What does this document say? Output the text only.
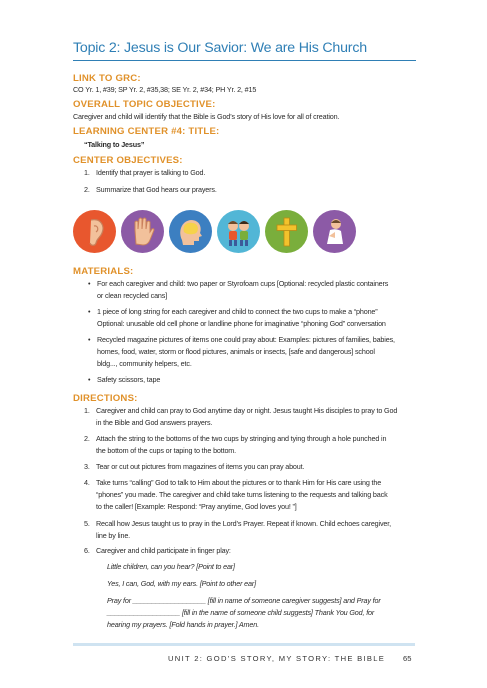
Topic 2: Jesus is Our Savior: We are His Church
LINK TO GRC:
CO Yr. 1, #39; SP Yr. 2, #35,38; SE Yr. 2, #34; PH Yr. 2, #15
OVERALL TOPIC OBJECTIVE:
Caregiver and child will identify that the Bible is God’s story of His love for all of creation.
LEARNING CENTER #4: TITLE:
“Talking to Jesus”
CENTER OBJECTIVES:
1. Identify that prayer is talking to God.
2. Summarize that God hears our prayers.
MATERIALS:
• For each caregiver and child: two paper or Styrofoam cups [Optional: recycled plastic containers
or clean recycled cans]
• 1 piece of long string for each caregiver and child to connect the two cups to make a “phone”
Optional: unusable old cell phone or landline phone for imaginative “phoning God” conversation
• Recycled magazine pictures of items one could pray about: Examples: pictures of families, babies,
homes, food, water, storm or flood pictures, animals or insects, [safe and dangerous] school
bldg..., community helpers, etc.
• Safety scissors, tape
DIRECTIONS:
1. Caregiver and child can pray to God anytime day or night. Jesus taught His disciples to pray to God
in the Bible and God answers prayers.
2. Attach the string to the bottoms of the two cups by stringing and tying through a hole punched in
the bottom of the cups or taping to the bottom.
3. Tear or cut out pictures from magazines of items you can pray about.
4. Take turns “calling” God to talk to Him about the pictures or to thank Him for His care using the
“phones” you made. The caregiver and child take turns listening to the requests and talking back
to the caller! [Example: Respond: “Pray anytime, God loves you! ”]
5. Recall how Jesus taught us to pray in the Lord’s Prayer. Repeat if known. Child echoes caregiver,
line by line.
6. Caregiver and child participate in finger play:
Little children, can you hear? [Point to ear]
Yes, I can, God, with my ears. [Point to other ear]
Pray for ___________________ [fill in name of someone caregiver suggests] and Pray for
___________________ [fill in the name of someone child suggests] Thank You God, for
hearing my prayers. [Fold hands in prayer.] Amen.
UNIT 2: GOD’S STORY, MY STORY: THE BIBLE 65
